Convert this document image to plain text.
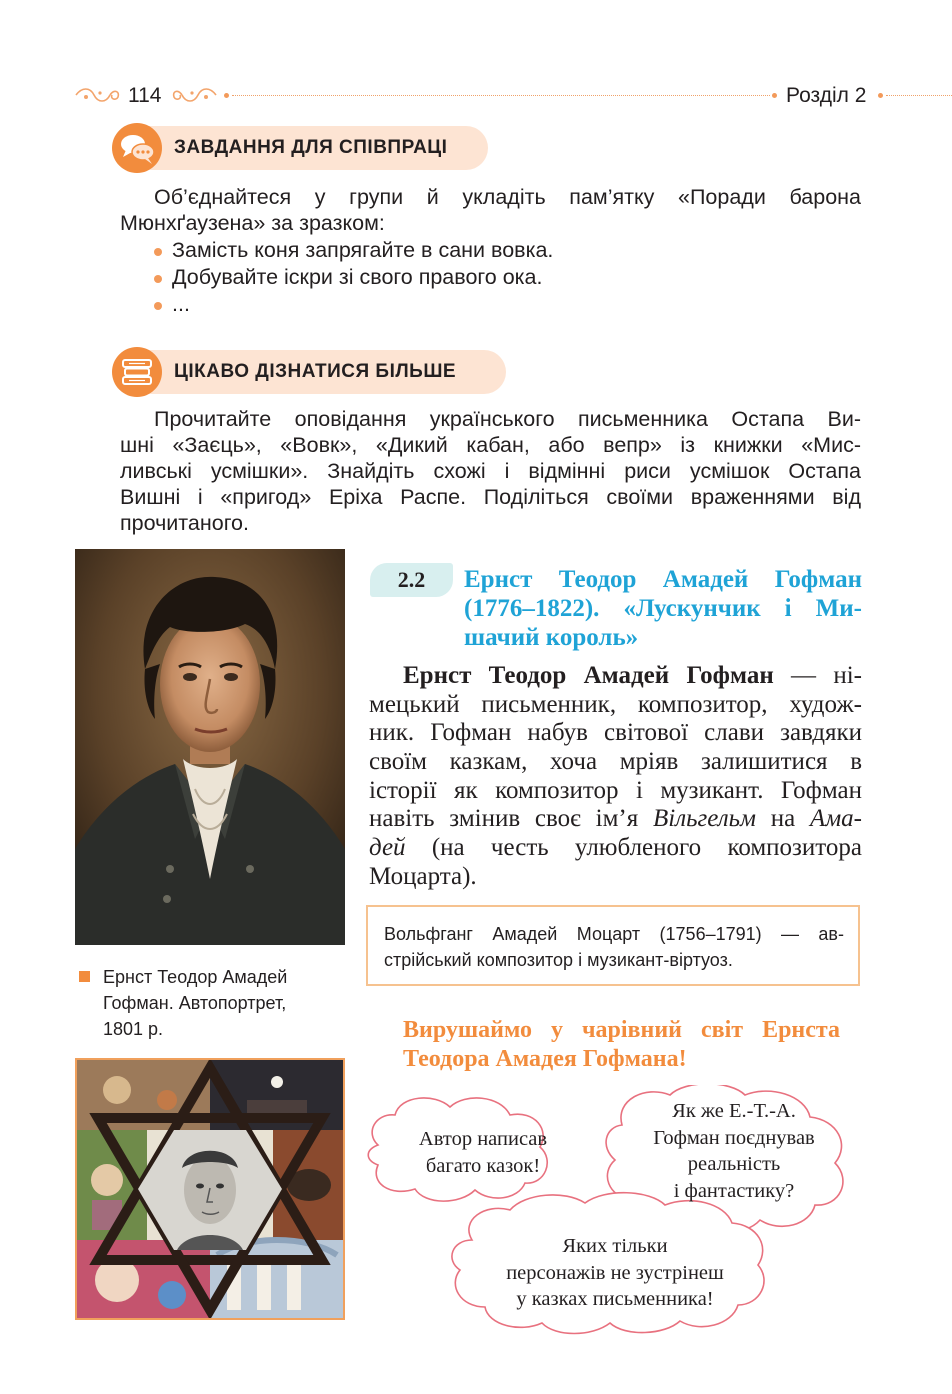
114	Розділ 2
ЗАВДАННЯ ДЛЯ СПІВПРАЦІ
Об’єднайтеся у групи й укладіть пам’ятку «Поради барона
Мюнхґаузена» за зразком:
Замість коня запрягайте в сани вовка.
Добувайте іскри зі свого правого ока.
...
ЦІКАВО ДІЗНАТИСЯ БІЛЬШЕ
Прочитайте оповідання українського письменника Остапа Ви-
шні «Заєць», «Вовк», «Дикий кабан, або вепр» із книжки «Мис-
ливські усмішки». Знайдіть схожі і відмінні риси усмішок Остапа
Вишні і «пригод» Еріха Распе. Поділіться своїми враженнями від
прочитаного.
Ернст Теодор Амадей
Гофман. Автопортрет,
1801 р.
2.2	Ернст Теодор Амадей Гофман
(1776–1822). «Лускунчик і Ми-
шачий король»
Ернст Теодор Амадей Гофман — ні-
мецький письменник, композитор, худож-
ник. Гофман набув світової слави завдяки
своїм казкам, хоча мріяв залишитися в
історії як композитор і музикант. Гофман
навіть змінив своє ім’я Вільгельм на Ама-
дей (на честь улюбленого композитора
Моцарта).
Вольфганг Амадей Моцарт (1756–1791) — ав-
стрійський композитор і музикант-віртуоз.
Вирушаймо у чарівний світ Ернста
Теодора Амадея Гофмана!
Автор написав
багато казок!
Як же Е.-Т.-А.
Гофман поєднував
реальність
і фантастику?
Яких тільки
персонажів не зустрінеш
у казках письменника!
